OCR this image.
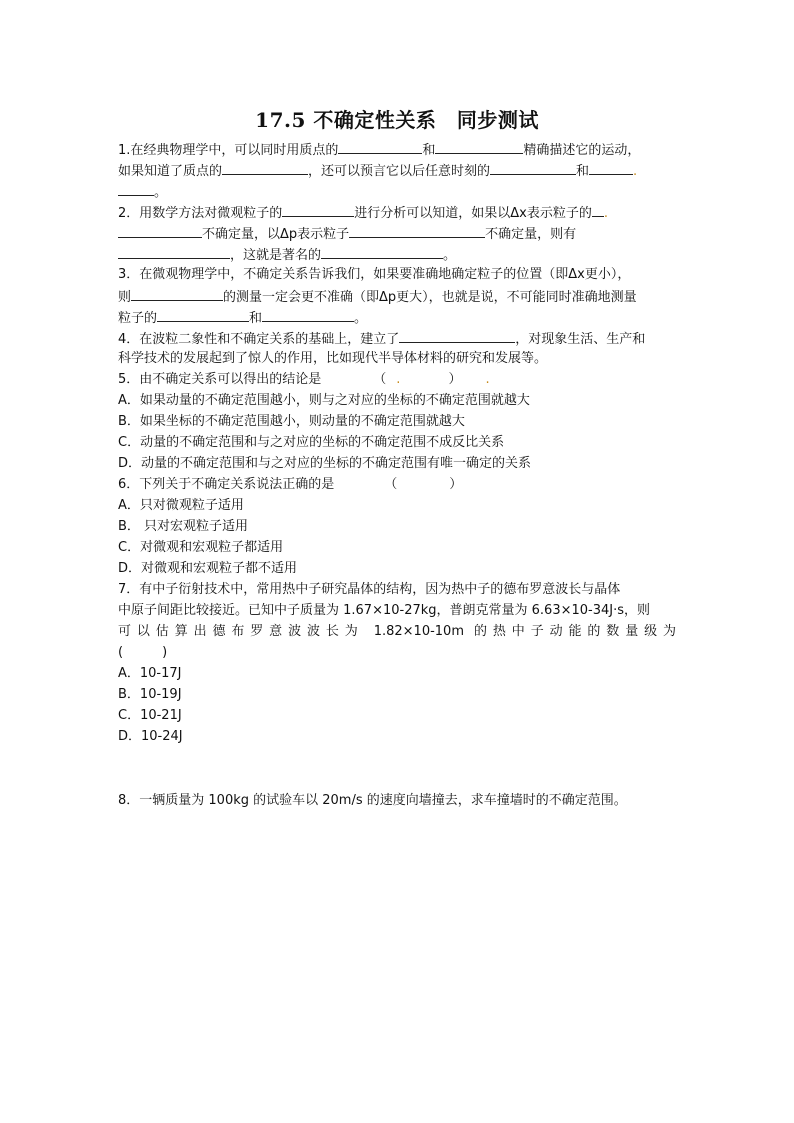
17.5 不确定性关系　同步测试
1.在经典物理学中，可以同时用质点的	和	精确描述它的运动，
如果知道了质点的	，还可以预言它以后任意时刻的	和	.
。
2．用数学方法对微观粒子的	进行分析可以知道，如果以Δx表示粒子的 .
不确定量，以Δp表示粒子	不确定量，则有
，这就是著名的	。
3．在微观物理学中，不确定关系告诉我们，如果要准确地确定粒子的位置（即Δx更小），
则	的测量一定会更不准确（即Δp更大），也就是说，不可能同时准确地测量
粒子的	和	。
4．在波粒二象性和不确定关系的基础上，建立了	，对现象生活、生产和
科学技术的发展起到了惊人的作用，比如现代半导体材料的研究和发展等。
5．由不确定关系可以得出的结论是	（ .	） .
A．如果动量的不确定范围越小，则与之对应的坐标的不确定范围就越大
B．如果坐标的不确定范围越小，则动量的不确定范围就越大
C．动量的不确定范围和与之对应的坐标的不确定范围不成反比关系
D．动量的不确定范围和与之对应的坐标的不确定范围有唯一确定的关系
6．下列关于不确定关系说法正确的是	（　　　　）
A．只对微观粒子适用
B． 只对宏观粒子适用
C．对微观和宏观粒子都适用
D．对微观和宏观粒子都不适用
7．有中子衍射技术中，常用热中子研究晶体的结构，因为热中子的德布罗意波长与晶体
中原子间距比较接近。已知中子质量为 1.67×10-27kg，普朗克常量为 6.63×10-34J·s，则
可以估算出德布罗意波波长为 1.82×10-10m 的热中子动能的数量级为
(　　　)
A．10-17J
B．10-19J
C．10-21J
D．10-24J
8．一辆质量为 100kg 的试验车以 20m/s 的速度向墙撞去，求车撞墙时的不确定范围。
